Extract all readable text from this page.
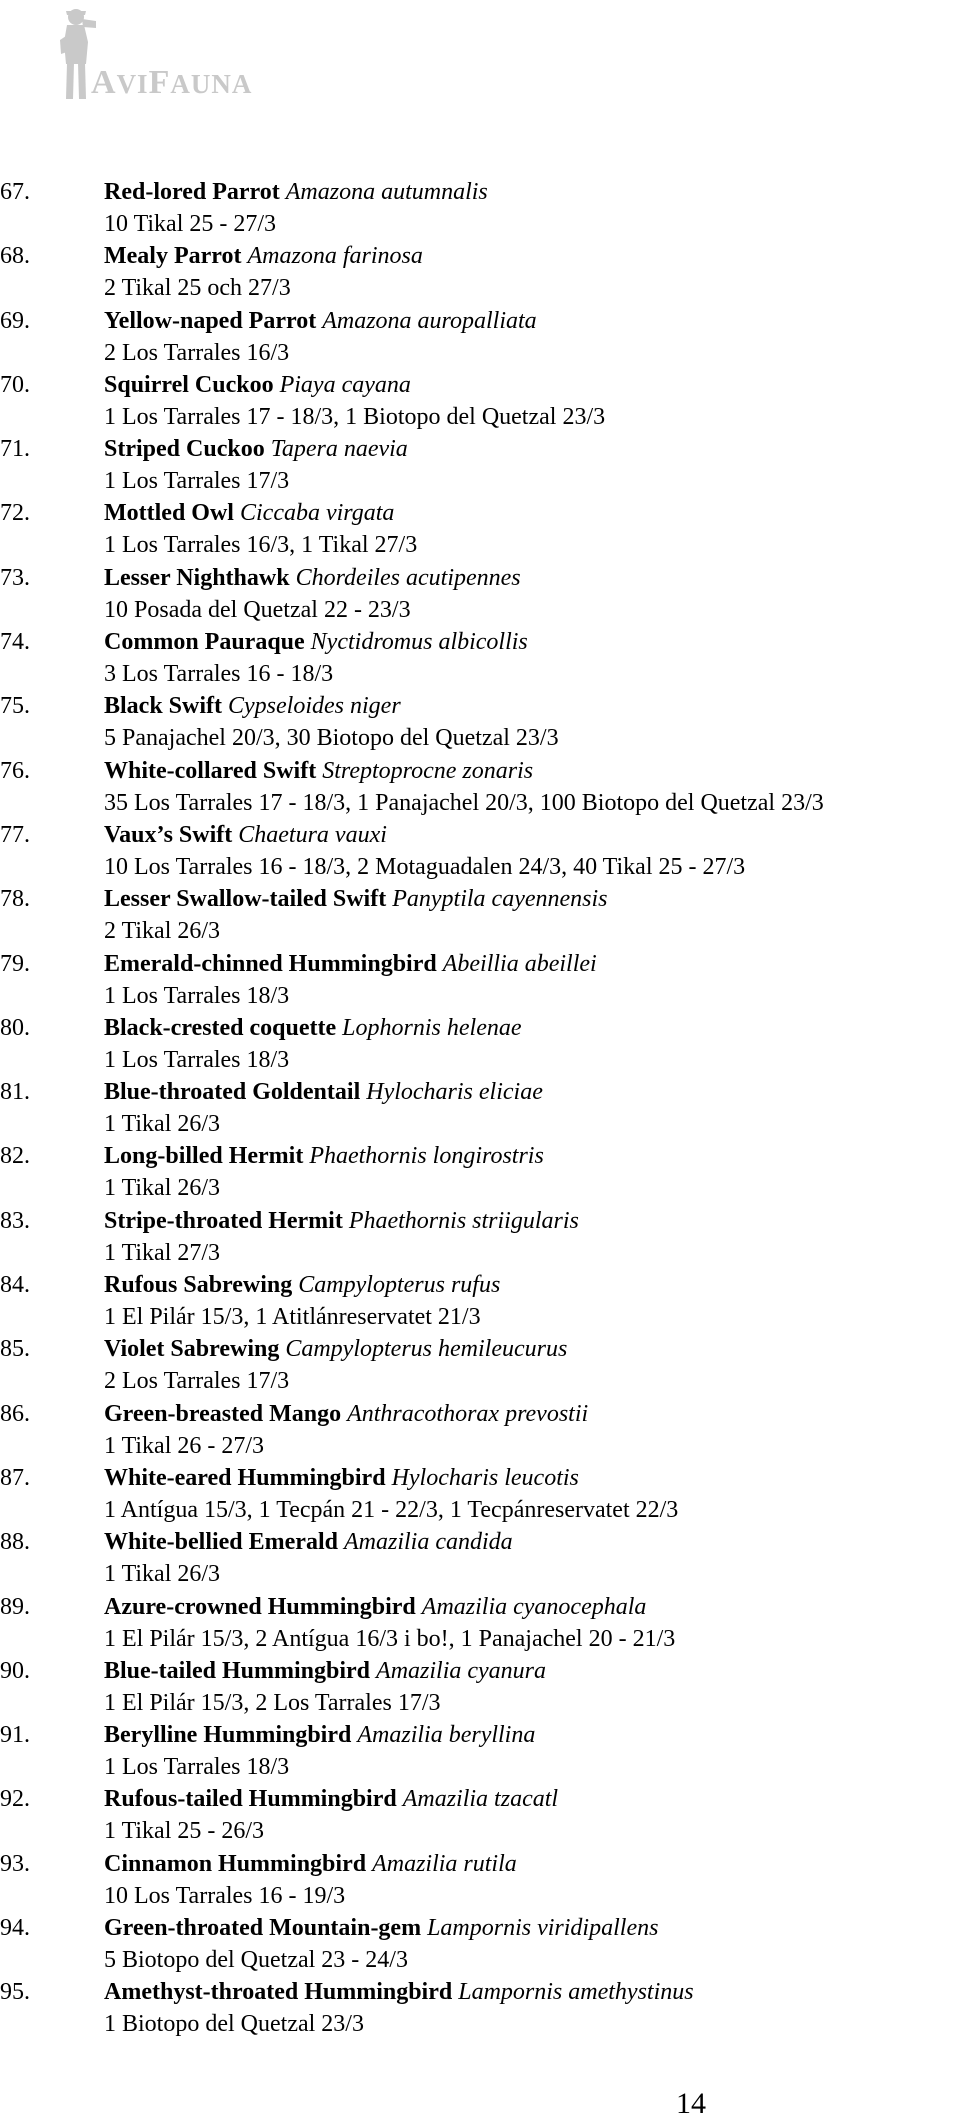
AVIFAUNA
67.	Red-lored Parrot Amazona autumnalis
10 Tikal 25 - 27/3
68.	Mealy Parrot Amazona farinosa
2 Tikal 25 och 27/3
69.	Yellow-naped Parrot Amazona auropalliata
2 Los Tarrales 16/3
70.	Squirrel Cuckoo Piaya cayana
1 Los Tarrales 17 - 18/3, 1 Biotopo del Quetzal 23/3
71.	Striped Cuckoo Tapera naevia
1 Los Tarrales 17/3
72.	Mottled Owl Ciccaba virgata
1 Los Tarrales 16/3, 1 Tikal 27/3
73.	Lesser Nighthawk Chordeiles acutipennes
10 Posada del Quetzal 22 - 23/3
74.	Common Pauraque Nyctidromus albicollis
3 Los Tarrales 16 - 18/3
75.	Black Swift Cypseloides niger
5 Panajachel 20/3, 30 Biotopo del Quetzal 23/3
76.	White-collared Swift Streptoprocne zonaris
35 Los Tarrales 17 - 18/3, 1 Panajachel 20/3, 100 Biotopo del Quetzal 23/3
77.	Vaux’s Swift Chaetura vauxi
10 Los Tarrales 16 - 18/3, 2 Motaguadalen 24/3, 40 Tikal 25 - 27/3
78.	Lesser Swallow-tailed Swift Panyptila cayennensis
2 Tikal 26/3
79.	Emerald-chinned Hummingbird Abeillia abeillei
1 Los Tarrales 18/3
80.	Black-crested coquette Lophornis helenae
1 Los Tarrales 18/3
81.	Blue-throated Goldentail Hylocharis eliciae
1 Tikal 26/3
82.	Long-billed Hermit Phaethornis longirostris
1 Tikal 26/3
83.	Stripe-throated Hermit Phaethornis striigularis
1 Tikal 27/3
84.	Rufous Sabrewing Campylopterus rufus
1 El Pilár 15/3, 1 Atitlánreservatet 21/3
85.	Violet Sabrewing Campylopterus hemileucurus
2 Los Tarrales 17/3
86.	Green-breasted Mango Anthracothorax prevostii
1 Tikal 26 - 27/3
87.	White-eared Hummingbird Hylocharis leucotis
1 Antígua 15/3, 1 Tecpán 21 - 22/3, 1 Tecpánreservatet 22/3
88.	White-bellied Emerald Amazilia candida
1 Tikal 26/3
89.	Azure-crowned Hummingbird Amazilia cyanocephala
1 El Pilár 15/3, 2 Antígua 16/3 i bo!, 1 Panajachel 20 - 21/3
90.	Blue-tailed Hummingbird Amazilia cyanura
1 El Pilár 15/3, 2 Los Tarrales 17/3
91.	Berylline Hummingbird Amazilia beryllina
1 Los Tarrales 18/3
92.	Rufous-tailed Hummingbird Amazilia tzacatl
1 Tikal 25 - 26/3
93.	Cinnamon Hummingbird Amazilia rutila
10 Los Tarrales 16 - 19/3
94.	Green-throated Mountain-gem Lampornis viridipallens
5 Biotopo del Quetzal 23 - 24/3
95.	Amethyst-throated Hummingbird Lampornis amethystinus
1 Biotopo del Quetzal 23/3
14
